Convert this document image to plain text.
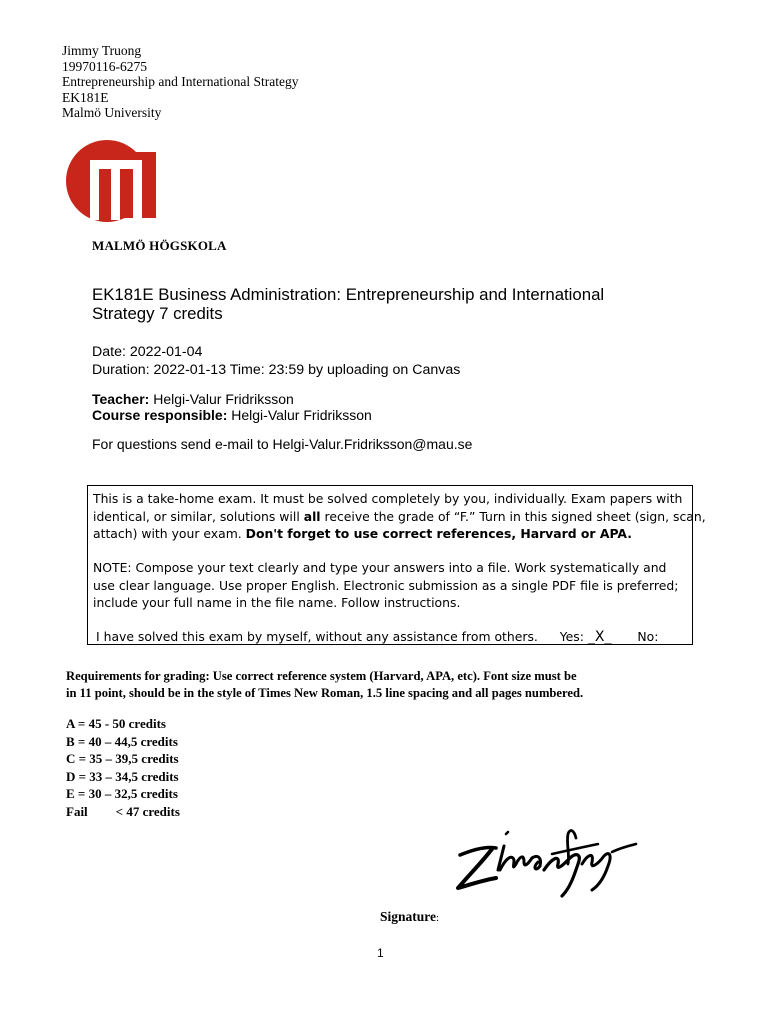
Jimmy Truong
19970116-6275
Entrepreneurship and International Strategy
EK181E
Malmö University
MALMÖ HÖGSKOLA
EK181E Business Administration: Entrepreneurship and International
Strategy 7 credits
Date: 2022-01-04
Duration: 2022-01-13 Time: 23:59 by uploading on Canvas
Teacher: Helgi-Valur Fridriksson
Course responsible: Helgi-Valur Fridriksson
For questions send e-mail to Helgi-Valur.Fridriksson@mau.se
This is a take-home exam. It must be solved completely by you, individually. Exam papers with
identical, or similar, solutions will all receive the grade of “F.” Turn in this signed sheet (sign, scan,
attach) with your exam. Don't forget to use correct references, Harvard or APA.
NOTE: Compose your text clearly and type your answers into a file. Work systematically and
use clear language. Use proper English. Electronic submission as a single PDF file is preferred;
include your full name in the file name. Follow instructions.
I have solved this exam by myself, without any assistance from others. Yes: _X_ No:
Requirements for grading: Use correct reference system (Harvard, APA, etc). Font size must be
in 11 point, should be in the style of Times New Roman, 1.5 line spacing and all pages numbered.
A = 45 - 50 credits
B = 40 – 44,5 credits
C = 35 – 39,5 credits
D = 33 – 34,5 credits
E = 30 – 32,5 credits
Fail < 47 credits
Signature:
1
